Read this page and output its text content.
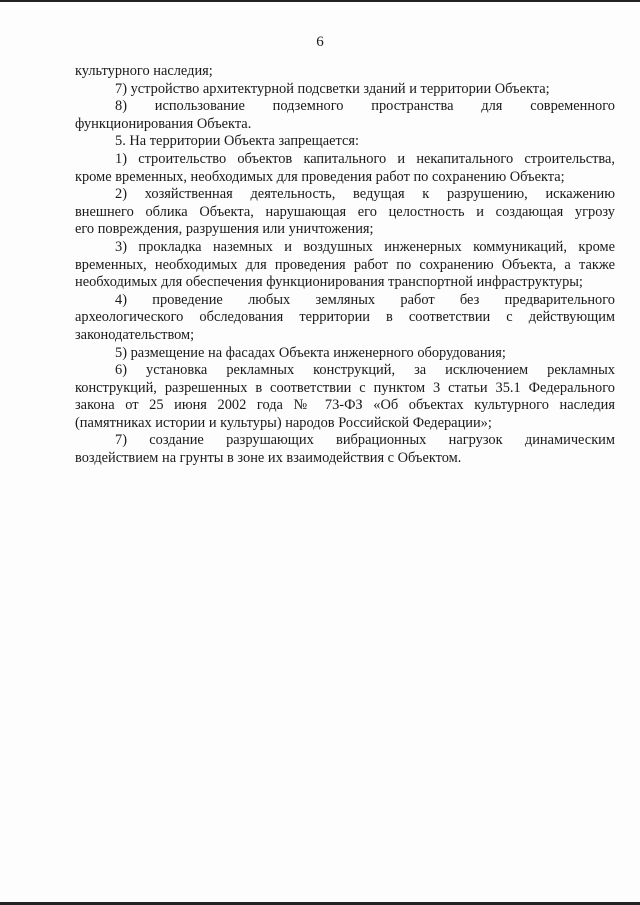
6
культурного наследия;
7) устройство архитектурной подсветки зданий и территории Объекта;
8) использование подземного пространства для современного
функционирования Объекта.
5. На территории Объекта запрещается:
1) строительство объектов капитального и некапитального строительства,
кроме временных, необходимых для проведения работ по сохранению Объекта;
2) хозяйственная деятельность, ведущая к разрушению, искажению
внешнего облика Объекта, нарушающая его целостность и создающая угрозу
его повреждения, разрушения или уничтожения;
3) прокладка наземных и воздушных инженерных коммуникаций, кроме
временных, необходимых для проведения работ по сохранению Объекта, а также
необходимых для обеспечения функционирования транспортной инфраструктуры;
4) проведение любых земляных работ без предварительного
археологического обследования территории в соответствии с действующим
законодательством;
5) размещение на фасадах Объекта инженерного оборудования;
6) установка рекламных конструкций, за исключением рекламных
конструкций, разрешенных в соответствии с пунктом 3 статьи 35.1 Федерального
закона от 25 июня 2002 года № 73-ФЗ «Об объектах культурного наследия
(памятниках истории и культуры) народов Российской Федерации»;
7) создание разрушающих вибрационных нагрузок динамическим
воздействием на грунты в зоне их взаимодействия с Объектом.
